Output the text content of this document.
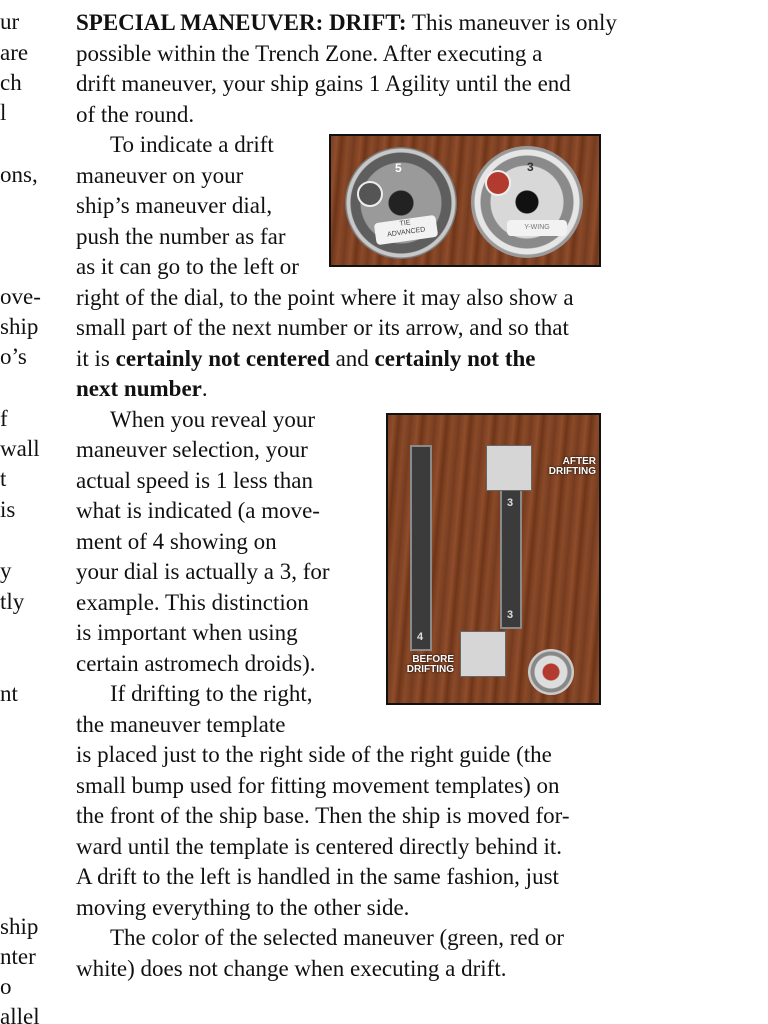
ur
are
ch
l
ons,
ove-
ship
o’s
f
wall
t
is
y
tly
nt
ship
nter
o
allel
SPECIAL MANEUVER: DRIFT: This maneuver is only
possible within the Trench Zone. After executing a
drift maneuver, your ship gains 1 Agility until the end
of the round.
To indicate a drift
maneuver on your
ship’s maneuver dial,
push the number as far
as it can go to the left or
right of the dial, to the point where it may also show a
small part of the next number or its arrow, and so that
it is certainly not centered and certainly not the
next number.
When you reveal your
maneuver selection, your
actual speed is 1 less than
what is indicated (a move-
ment of 4 showing on
your dial is actually a 3, for
example. This distinction
is important when using
certain astromech droids).
If drifting to the right,
the maneuver template
is placed just to the right side of the right guide (the
small bump used for fitting movement templates) on
the front of the ship base. Then the ship is moved for-
ward until the template is centered directly behind it.
A drift to the left is handled in the same fashion, just
moving everything to the other side.
The color of the selected maneuver (green, red or
white) does not change when executing a drift.
5
TIE
ADVANCED
3
Y-WING
4
3
3
AFTER
DRIFTING
BEFORE
DRIFTING
